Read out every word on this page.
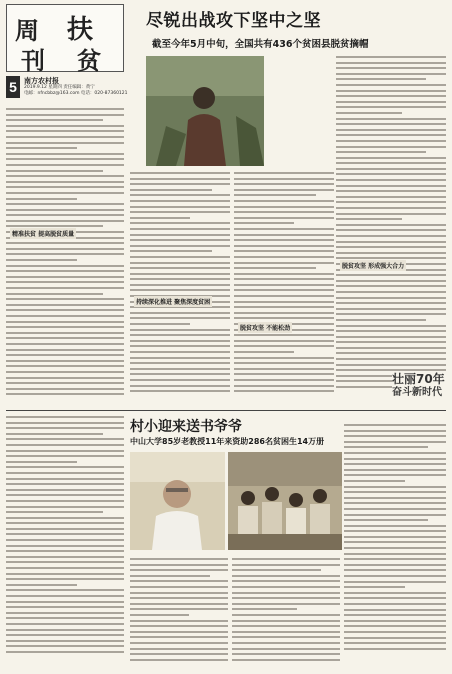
周 扶
刊 贫
5	南方农村报
2019.9.12 星期四 责任编辑：黄宁
电邮：nfncbbz@163.com 电话：020-87360121
尽锐出战攻下坚中之坚
截至今年5月中旬，全国共有436个贫困县脱贫摘帽
精准扶贫 提高脱贫质量
持续深化推进 聚焦深度贫困
脱贫攻坚 不能松劲
脱贫攻坚 形成强大合力
壮丽70年
奋斗新时代
村小迎来送书爷爷
中山大学85岁老教授11年来资助286名贫困生14万册
